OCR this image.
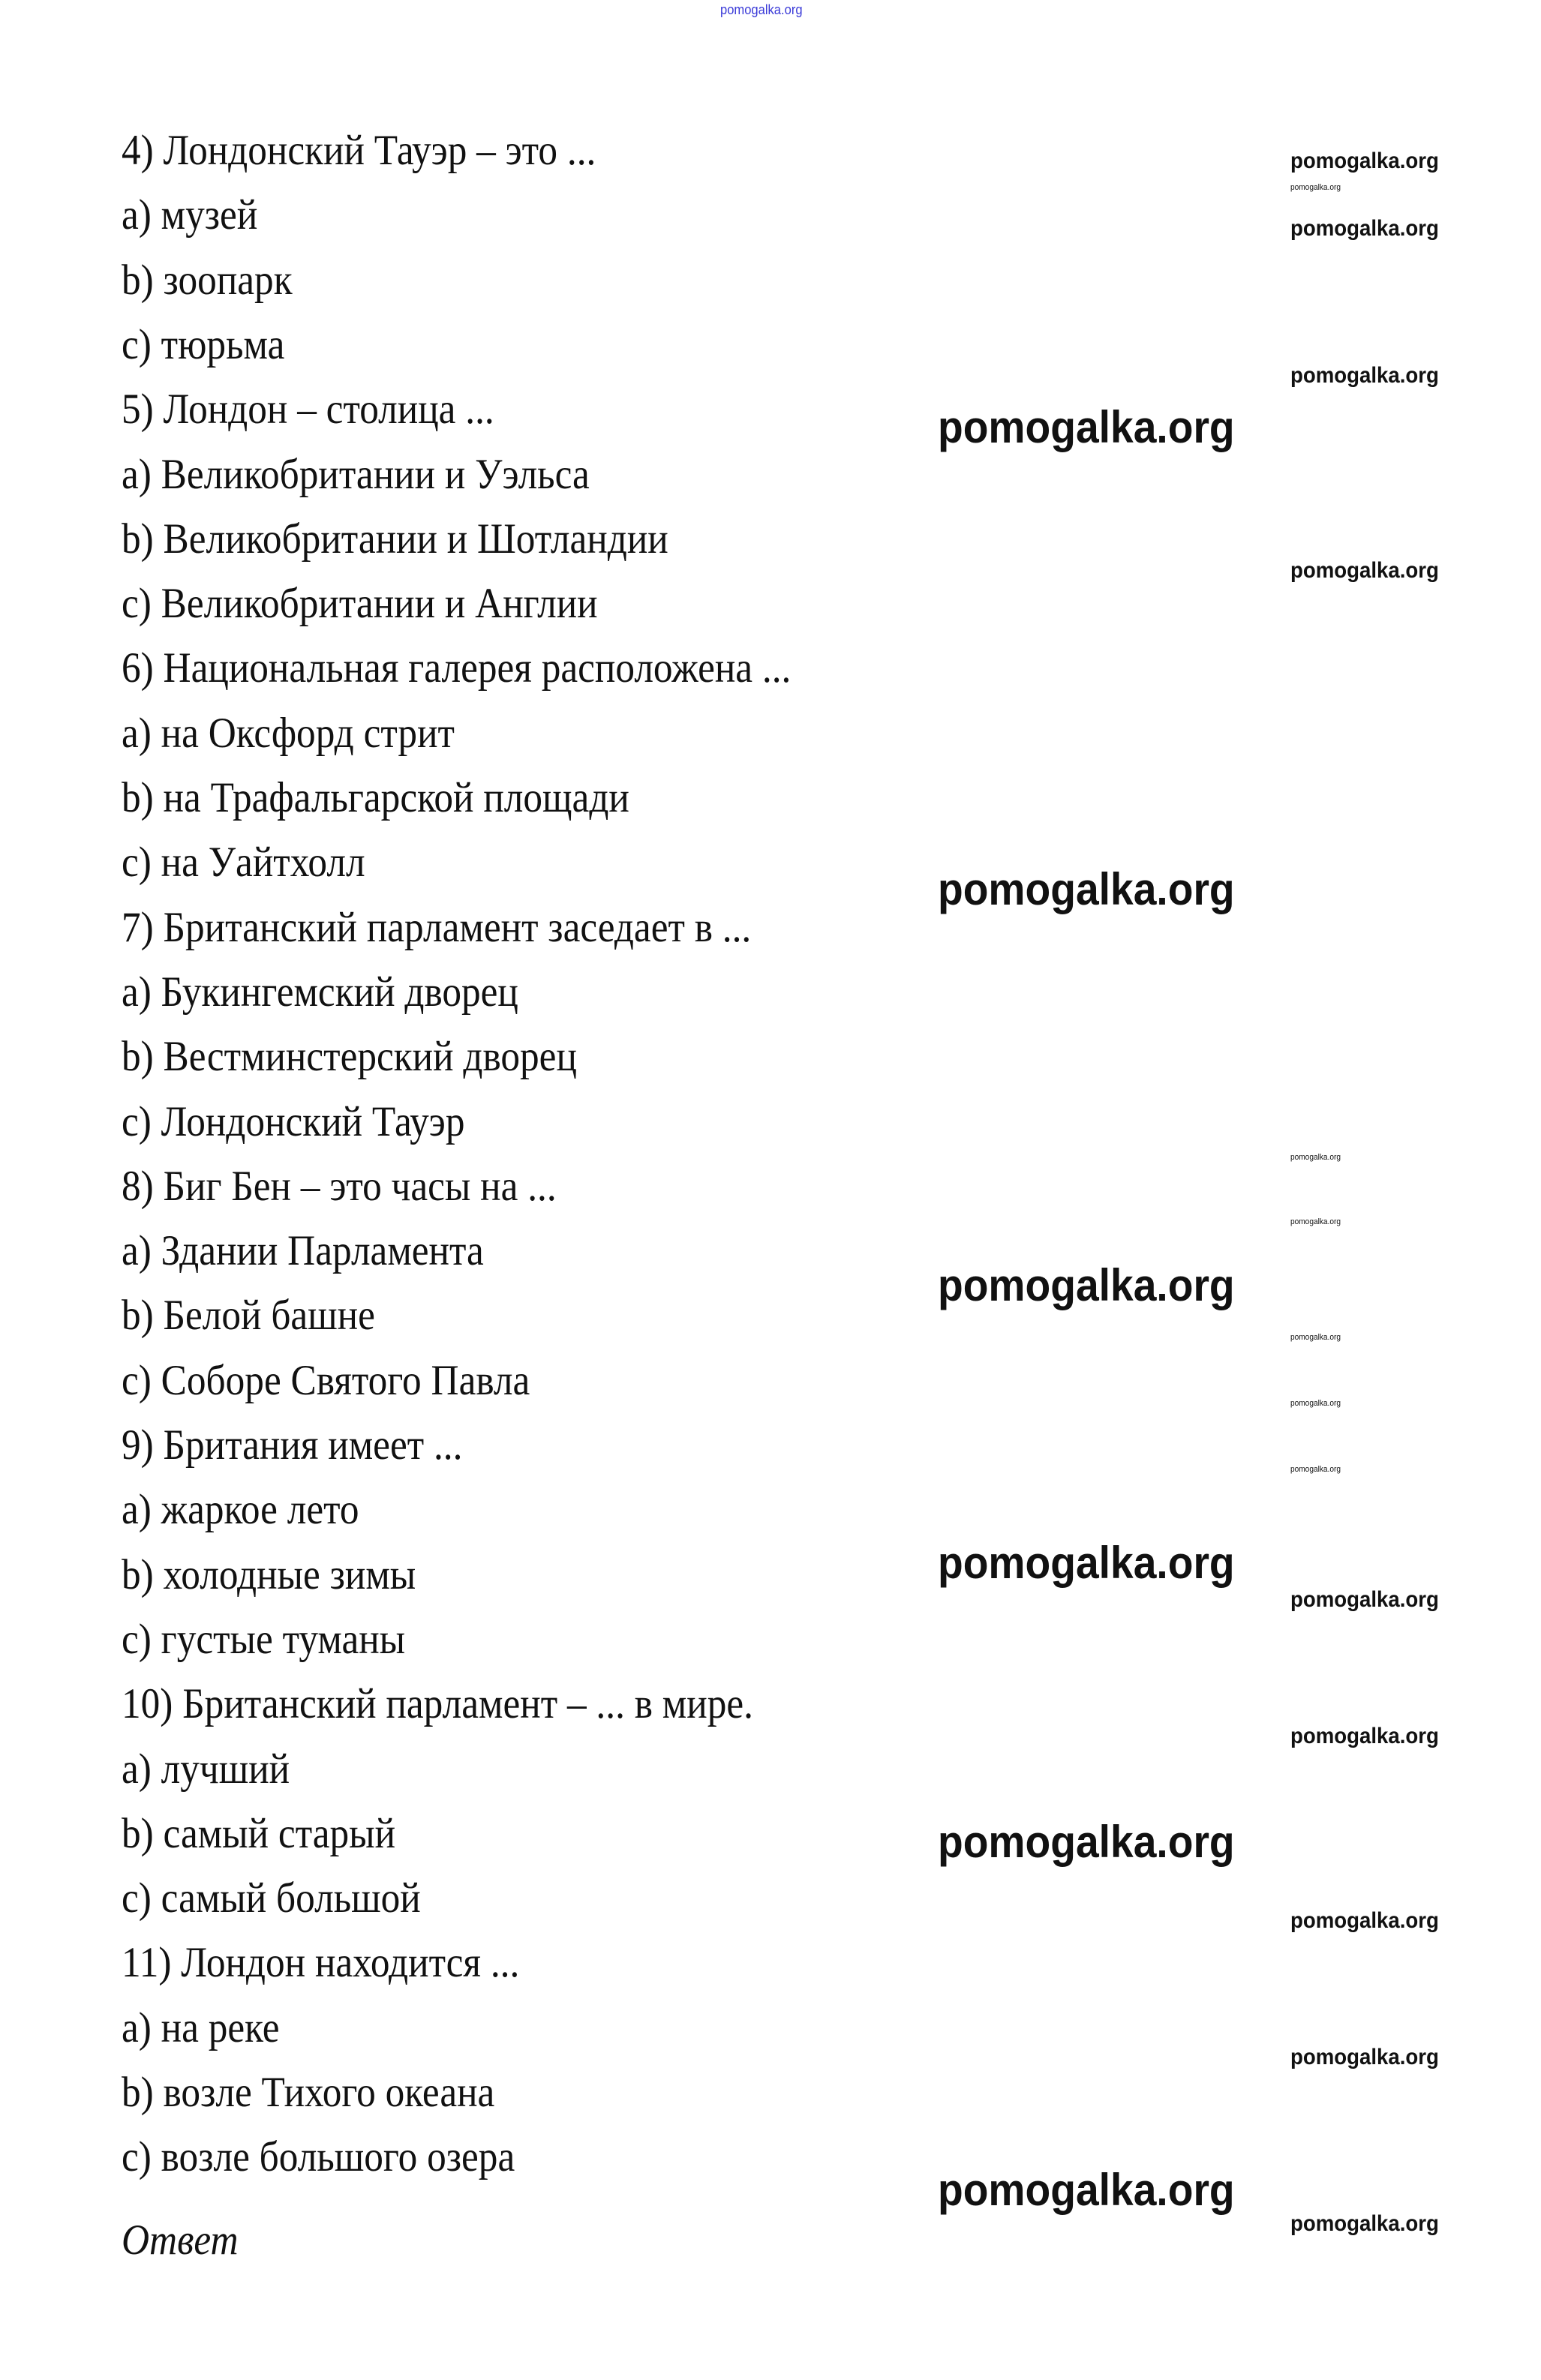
4) Лондонский Тауэр – это ...
a) музей
b) зоопарк
c) тюрьма
5) Лондон – столица ...
a) Великобритании и Уэльса
b) Великобритании и Шотландии
c) Великобритании и Англии
6) Национальная галерея расположена ...
a) на Оксфорд стрит
b) на Трафальгарской площади
c) на Уайтхолл
7) Британский парламент заседает в ...
a) Букингемский дворец
b) Вестминстерский дворец
c) Лондонский Тауэр
8) Биг Бен – это часы на ...
a) Здании Парламента
b) Белой башне
c) Соборе Святого Павла
9) Британия имеет ...
a) жаркое лето
b) холодные зимы
c) густые туманы
10) Британский парламент – ... в мире.
a) лучший
b) самый старый
c) самый большой
11) Лондон находится ...
a) на реке
b) возле Тихого океана
c) возле большого озера
Ответ
pomogalka.org
pomogalka.org
pomogalka.org
pomogalka.org
pomogalka.org
pomogalka.org
pomogalka.org
pomogalka.org
pomogalka.org
pomogalka.org
pomogalka.org
pomogalka.org
pomogalka.org
pomogalka.org
pomogalka.org
pomogalka.org
pomogalka.org
pomogalka.org
pomogalka.org
pomogalka.org
pomogalka.org
pomogalka.org
